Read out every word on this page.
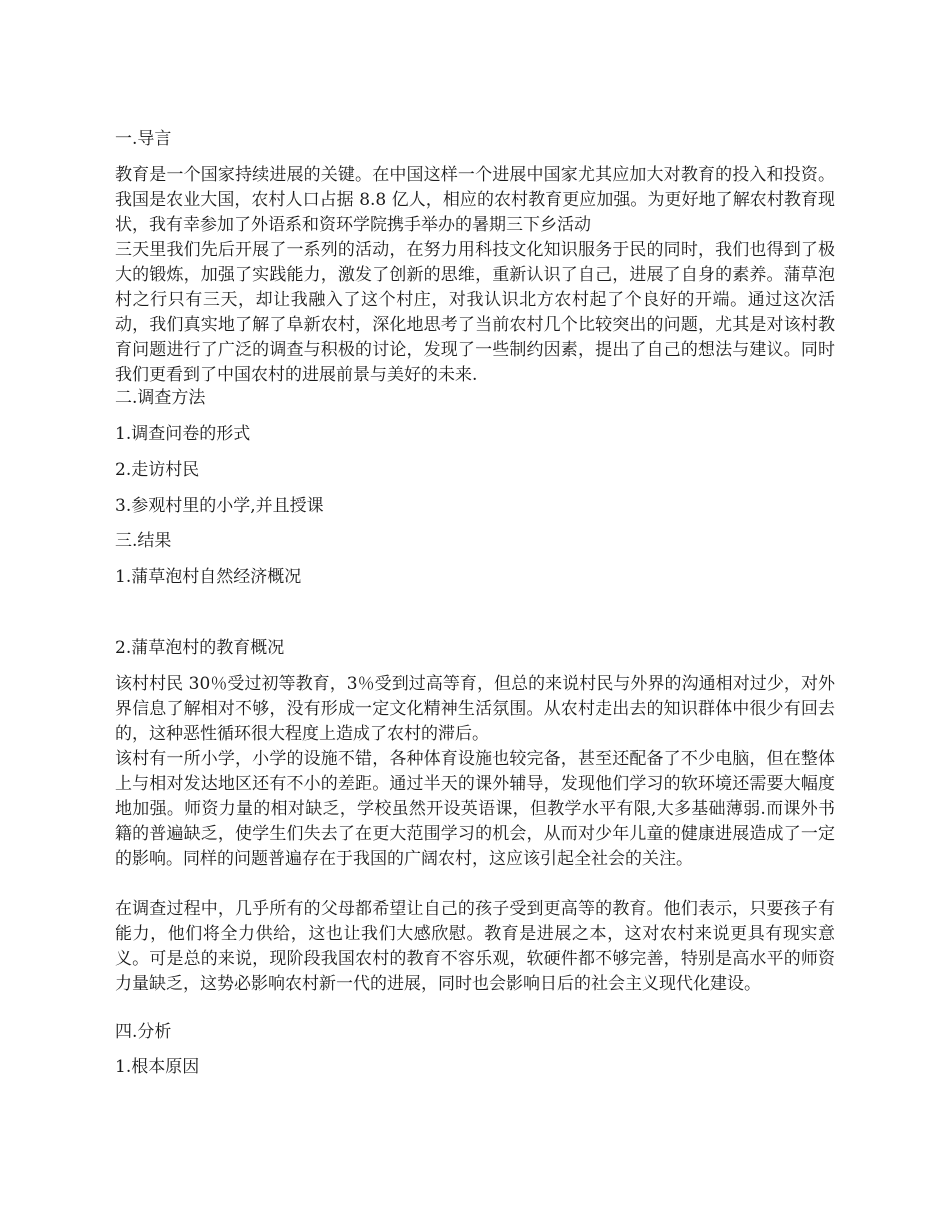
一.导言

教育是一个国家持续进展的关键。在中国这样一个进展中国家尤其应加大对教育的投入和投资。我国是农业大国，农村人口占据 8.8 亿人，相应的农村教育更应加强。为更好地了解农村教育现状，我有幸参加了外语系和资环学院携手举办的暑期三下乡活动

三天里我们先后开展了一系列的活动，在努力用科技文化知识服务于民的同时，我们也得到了极大的锻炼，加强了实践能力，激发了创新的思维，重新认识了自己，进展了自身的素养。蒲草泡村之行只有三天，却让我融入了这个村庄，对我认识北方农村起了个良好的开端。通过这次活动，我们真实地了解了阜新农村，深化地思考了当前农村几个比较突出的问题，尤其是对该村教育问题进行了广泛的调查与积极的讨论，发现了一些制约因素，提出了自己的想法与建议。同时我们更看到了中国农村的进展前景与美好的未来.

二.调查方法

1.调查问卷的形式

2.走访村民

3.参观村里的小学,并且授课

三.结果

1.蒲草泡村自然经济概况

2.蒲草泡村的教育概况

该村村民 30％受过初等教育，3％受到过高等育，但总的来说村民与外界的沟通相对过少，对外界信息了解相对不够，没有形成一定文化精神生活氛围。从农村走出去的知识群体中很少有回去的，这种恶性循环很大程度上造成了农村的滞后。

该村有一所小学，小学的设施不错，各种体育设施也较完备，甚至还配备了不少电脑，但在整体上与相对发达地区还有不小的差距。通过半天的课外辅导，发现他们学习的软环境还需要大幅度地加强。师资力量的相对缺乏，学校虽然开设英语课，但教学水平有限,大多基础薄弱.而课外书籍的普遍缺乏，使学生们失去了在更大范围学习的机会，从而对少年儿童的健康进展造成了一定的影响。同样的问题普遍存在于我国的广阔农村，这应该引起全社会的关注。

在调查过程中，几乎所有的父母都希望让自己的孩子受到更高等的教育。他们表示，只要孩子有能力，他们将全力供给，这也让我们大感欣慰。教育是进展之本，这对农村来说更具有现实意义。可是总的来说，现阶段我国农村的教育不容乐观，软硬件都不够完善，特别是高水平的师资力量缺乏，这势必影响农村新一代的进展，同时也会影响日后的社会主义现代化建设。

四.分析

1.根本原因
